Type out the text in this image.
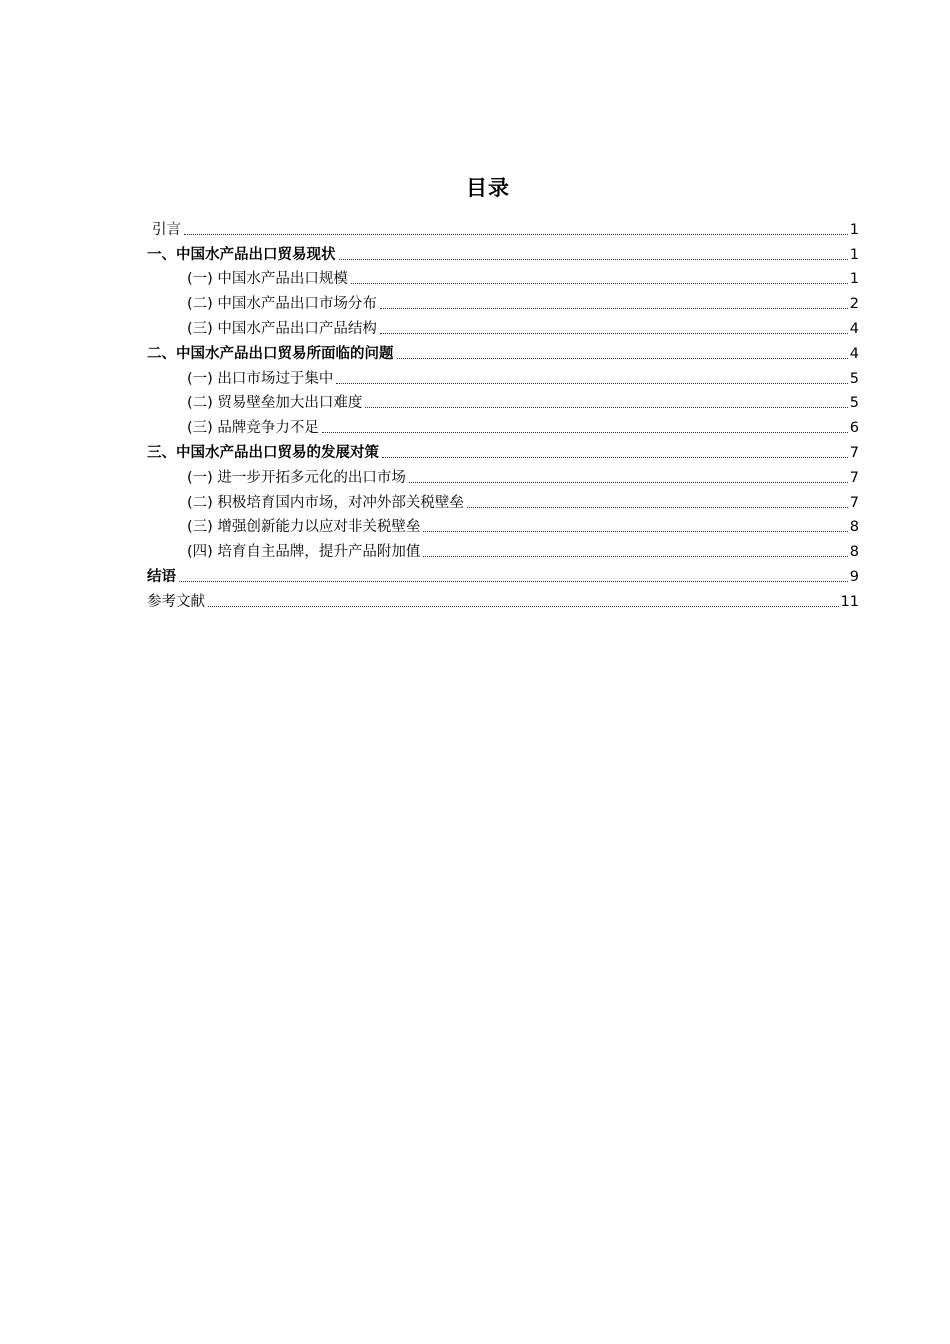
目录
引言	1
一、中国水产品出口贸易现状	1
(一) 中国水产品出口规模	1
(二) 中国水产品出口市场分布	2
(三) 中国水产品出口产品结构	4
二、中国水产品出口贸易所面临的问题	4
(一) 出口市场过于集中	5
(二) 贸易壁垒加大出口难度	5
(三) 品牌竞争力不足	6
三、中国水产品出口贸易的发展对策	7
(一) 进一步开拓多元化的出口市场	7
(二) 积极培育国内市场，对冲外部关税壁垒	7
(三) 增强创新能力以应对非关税壁垒	8
(四) 培育自主品牌，提升产品附加值	8
结语	9
参考文献	11
